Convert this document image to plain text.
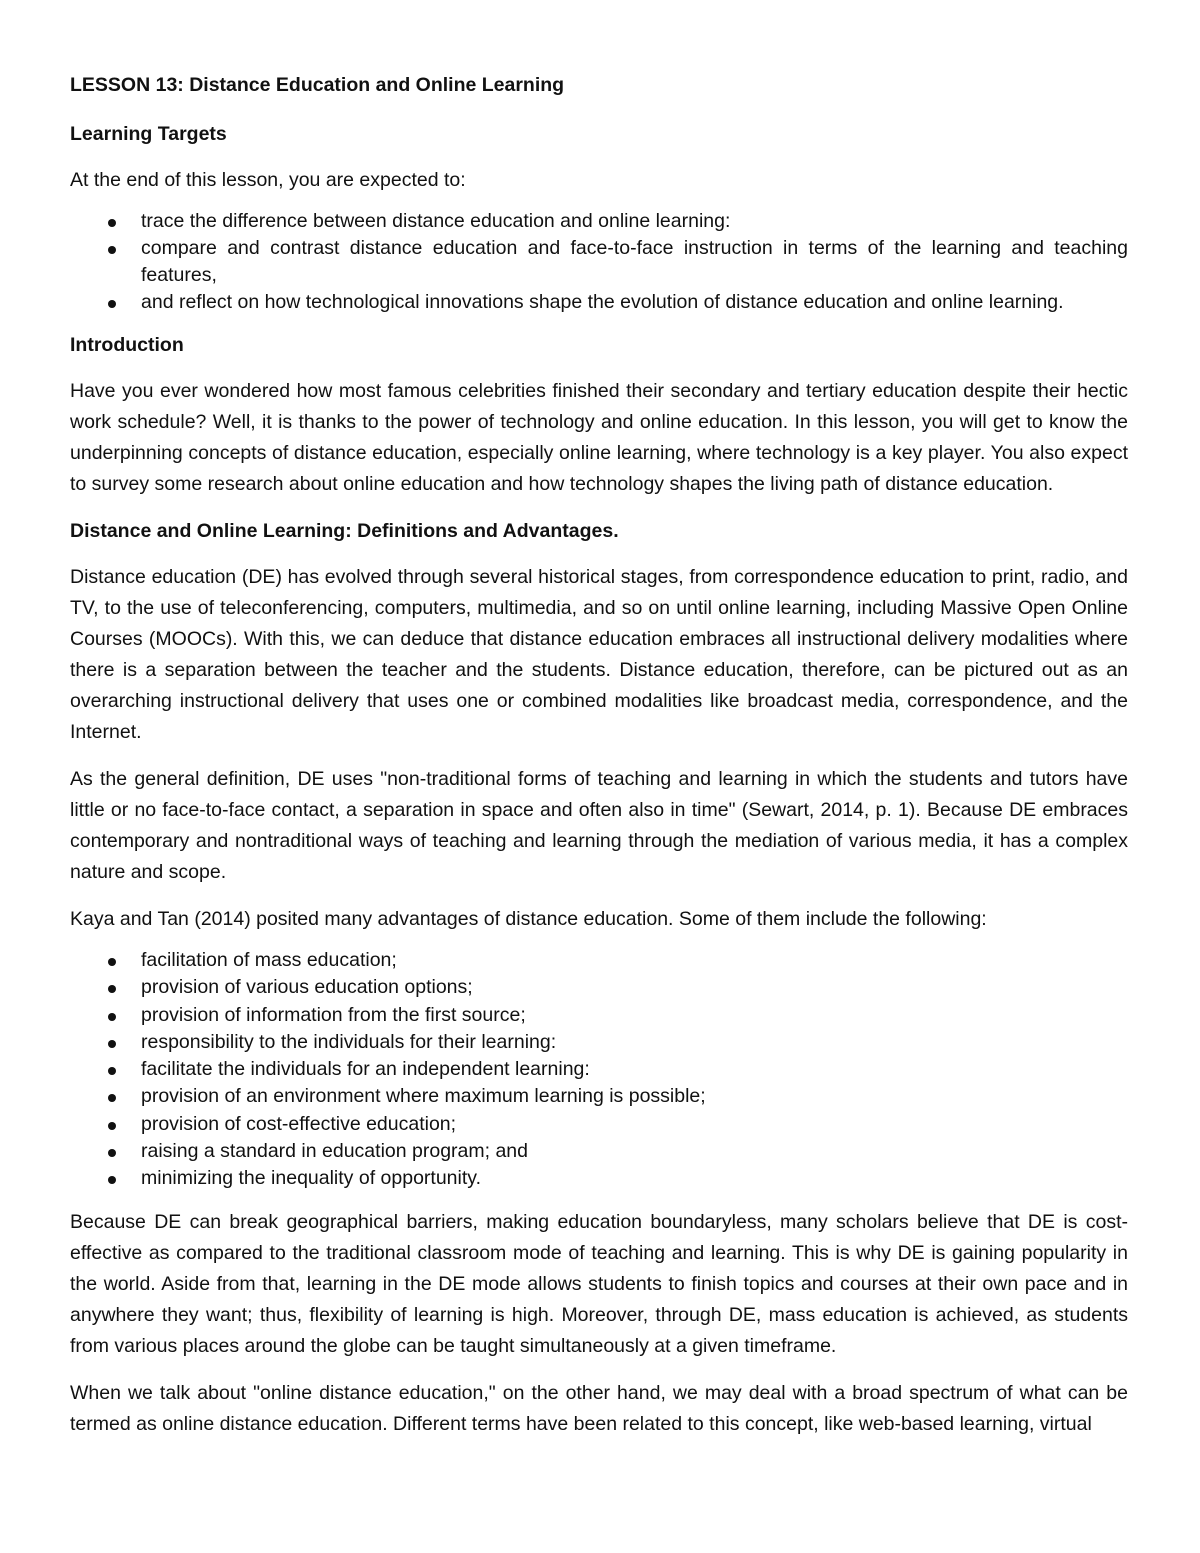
LESSON 13: Distance Education and Online Learning
Learning Targets

At the end of this lesson, you are expected to:

trace the difference between distance education and online learning:
compare and contrast distance education and face-to-face instruction in terms of the learning and teaching features,
and reflect on how technological innovations shape the evolution of distance education and online learning.
Introduction

Have you ever wondered how most famous celebrities finished their secondary and tertiary education despite their hectic work schedule? Well, it is thanks to the power of technology and online education. In this lesson, you will get to know the underpinning concepts of distance education, especially online learning, where technology is a key player. You also expect to survey some research about online education and how technology shapes the living path of distance education.

Distance and Online Learning: Definitions and Advantages.

Distance education (DE) has evolved through several historical stages, from correspondence education to print, radio, and TV, to the use of teleconferencing, computers, multimedia, and so on until online learning, including Massive Open Online Courses (MOOCs). With this, we can deduce that distance education embraces all instructional delivery modalities where there is a separation between the teacher and the students. Distance education, therefore, can be pictured out as an overarching instructional delivery that uses one or combined modalities like broadcast media, correspondence, and the Internet.

As the general definition, DE uses "non-traditional forms of teaching and learning in which the students and tutors have little or no face-to-face contact, a separation in space and often also in time" (Sewart, 2014, p. 1). Because DE embraces contemporary and nontraditional ways of teaching and learning through the mediation of various media, it has a complex nature and scope.

Kaya and Tan (2014) posited many advantages of distance education. Some of them include the following:

facilitation of mass education;
provision of various education options;
provision of information from the first source;
responsibility to the individuals for their learning:
facilitate the individuals for an independent learning:
provision of an environment where maximum learning is possible;
provision of cost-effective education;
raising a standard in education program; and
minimizing the inequality of opportunity.

Because DE can break geographical barriers, making education boundaryless, many scholars believe that DE is cost-effective as compared to the traditional classroom mode of teaching and learning. This is why DE is gaining popularity in the world. Aside from that, learning in the DE mode allows students to finish topics and courses at their own pace and in anywhere they want; thus, flexibility of learning is high. Moreover, through DE, mass education is achieved, as students from various places around the globe can be taught simultaneously at a given timeframe.

When we talk about "online distance education," on the other hand, we may deal with a broad spectrum of what can be termed as online distance education. Different terms have been related to this concept, like web-based learning, virtual
